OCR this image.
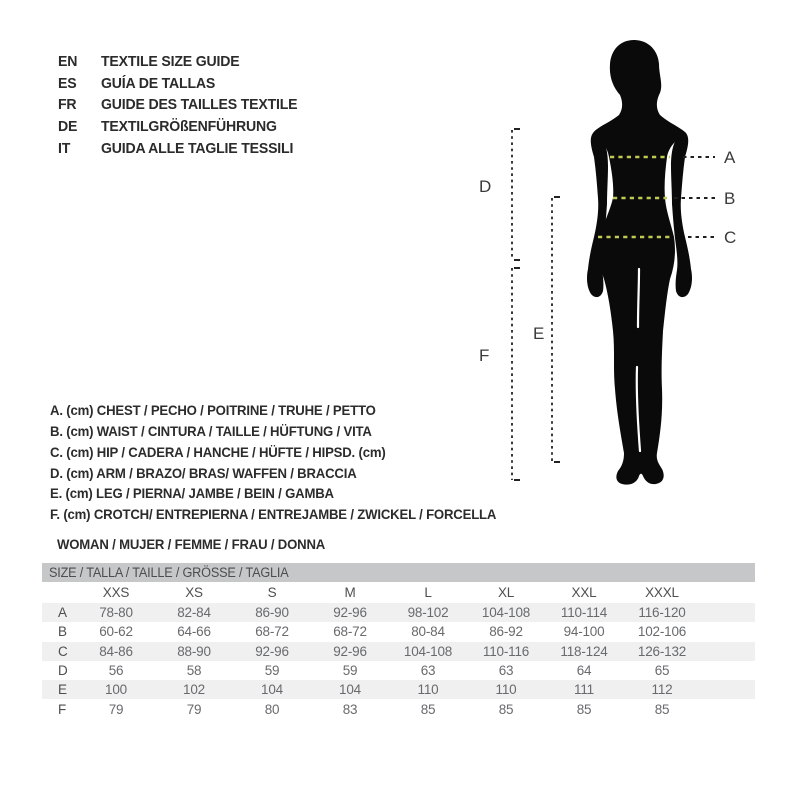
EN	TEXTILE SIZE GUIDE
ES	GUÍA DE TALLAS
FR	GUIDE DES TAILLES TEXTILE
DE	TEXTILGRÖßENFÜHRUNG
IT	GUIDA ALLE TAGLIE TESSILI	A
B
C
D
F
E
A. (cm) CHEST / PECHO / POITRINE / TRUHE / PETTO
B. (cm) WAIST / CINTURA / TAILLE / HÜFTUNG / VITA
C. (cm) HIP / CADERA / HANCHE / HÜFTE / HIPSD. (cm)
D. (cm) ARM / BRAZO/ BRAS/ WAFFEN / BRACCIA
E. (cm) LEG / PIERNA/ JAMBE / BEIN / GAMBA
F. (cm) CROTCH/ ENTREPIERNA / ENTREJAMBE / ZWICKEL / FORCELLA
WOMAN / MUJER / FEMME / FRAU / DONNA
SIZE / TALLA / TAILLE / GRÖSSE / TAGLIA
	XXS	XS	S	M	L	XL	XXL	XXXL	
A	78-80	82-84	86-90	92-96	98-102	104-108	110-114	116-120	
B	60-62	64-66	68-72	68-72	80-84	86-92	94-100	102-106	
C	84-86	88-90	92-96	92-96	104-108	110-116	118-124	126-132	
D	56	58	59	59	63	63	64	65	
E	100	102	104	104	110	110	111	112	
F	79	79	80	83	85	85	85	85	
